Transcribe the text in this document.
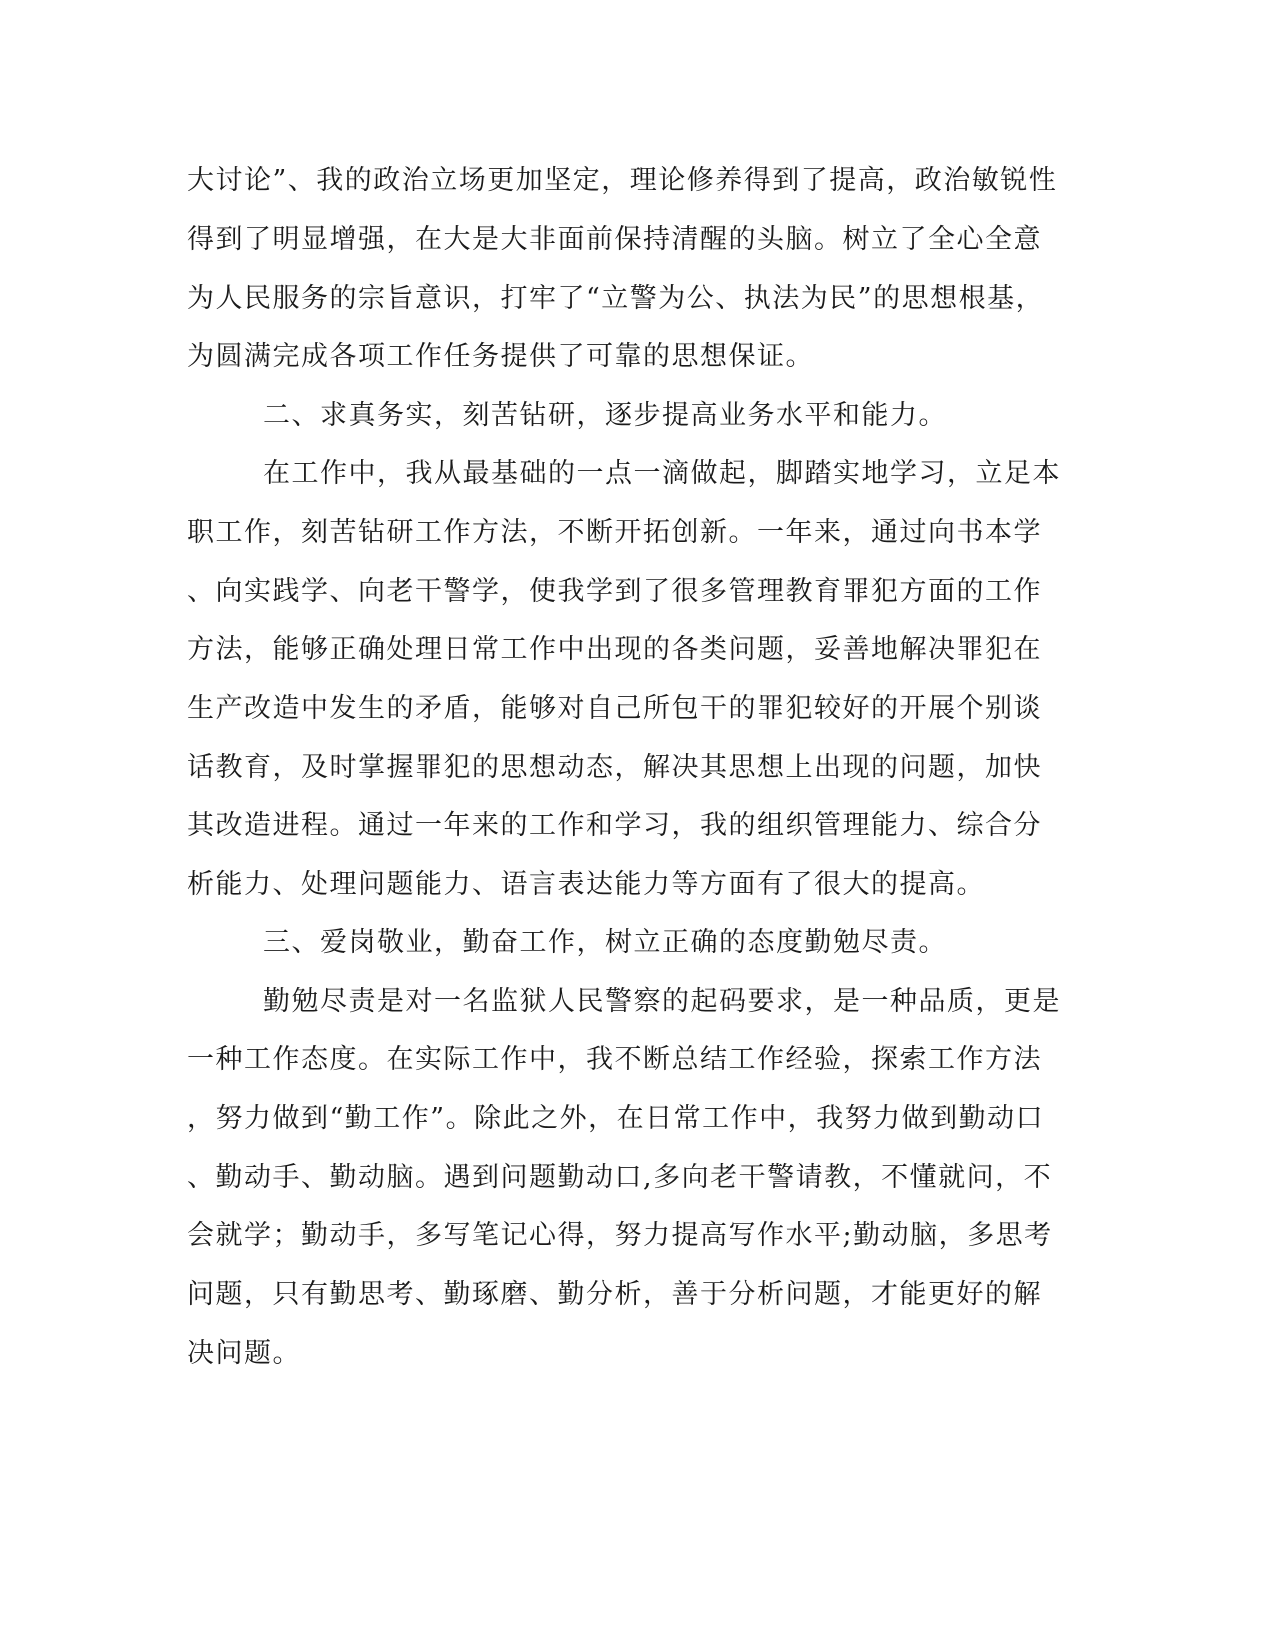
大讨论”、我的政治立场更加坚定，理论修养得到了提高，政治敏锐性
得到了明显增强，在大是大非面前保持清醒的头脑。树立了全心全意
为人民服务的宗旨意识，打牢了“立警为公、执法为民”的思想根基，
为圆满完成各项工作任务提供了可靠的思想保证。
二、求真务实，刻苦钻研，逐步提高业务水平和能力。
在工作中，我从最基础的一点一滴做起，脚踏实地学习，立足本
职工作，刻苦钻研工作方法，不断开拓创新。一年来，通过向书本学
、向实践学、向老干警学，使我学到了很多管理教育罪犯方面的工作
方法，能够正确处理日常工作中出现的各类问题，妥善地解决罪犯在
生产改造中发生的矛盾，能够对自己所包干的罪犯较好的开展个别谈
话教育，及时掌握罪犯的思想动态，解决其思想上出现的问题，加快
其改造进程。通过一年来的工作和学习，我的组织管理能力、综合分
析能力、处理问题能力、语言表达能力等方面有了很大的提高。
三、爱岗敬业，勤奋工作，树立正确的态度勤勉尽责。
勤勉尽责是对一名监狱人民警察的起码要求，是一种品质，更是
一种工作态度。在实际工作中，我不断总结工作经验，探索工作方法
，努力做到“勤工作”。除此之外，在日常工作中，我努力做到勤动口
、勤动手、勤动脑。遇到问题勤动口,多向老干警请教，不懂就问，不
会就学；勤动手，多写笔记心得，努力提高写作水平;勤动脑，多思考
问题，只有勤思考、勤琢磨、勤分析，善于分析问题，才能更好的解
决问题。
